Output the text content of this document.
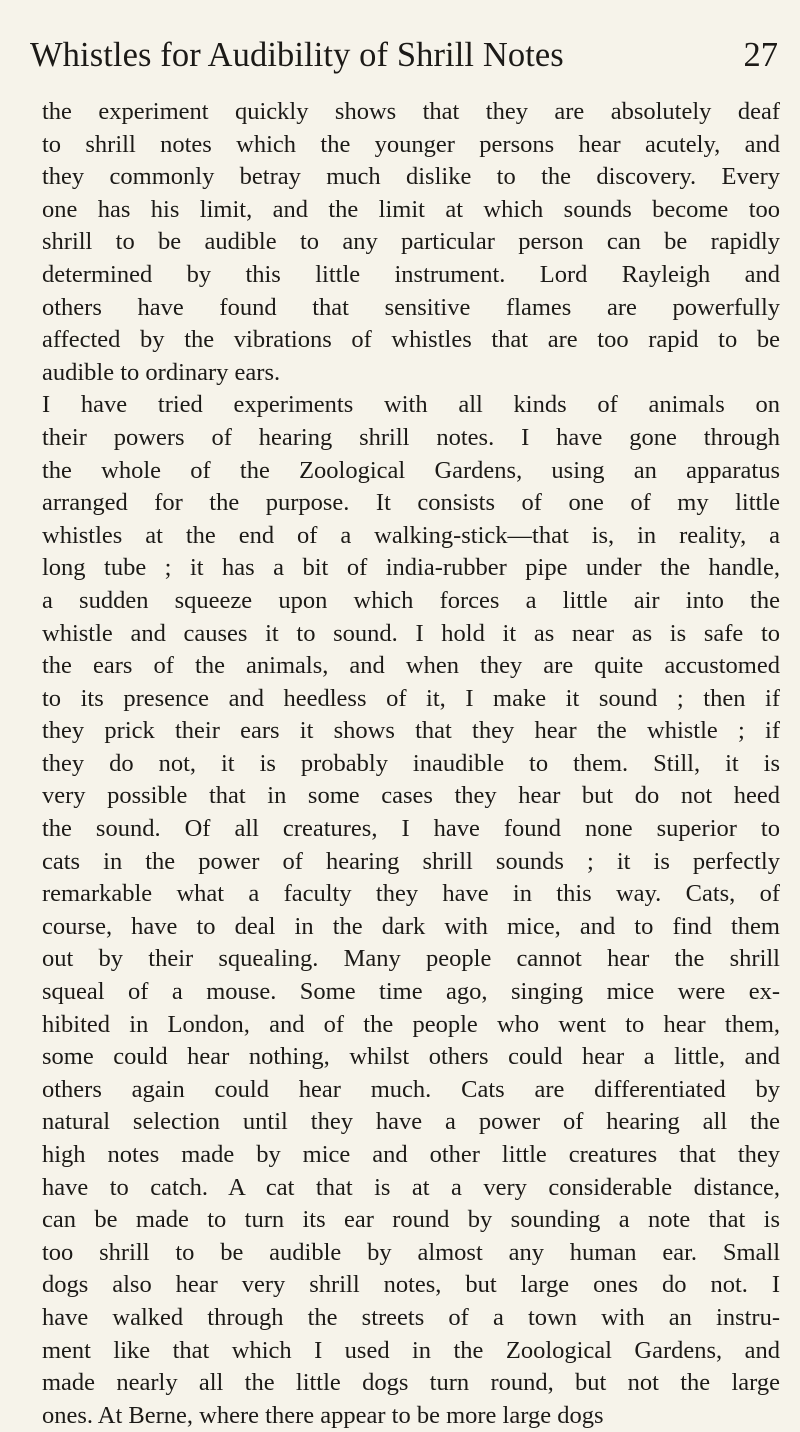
Whistles for Audibility of Shrill Notes	27
the experiment quickly shows that they are absolutely deaf
to shrill notes which the younger persons hear acutely, and
they commonly betray much dislike to the discovery. Every
one has his limit, and the limit at which sounds become too
shrill to be audible to any particular person can be rapidly
determined by this little instrument. Lord Rayleigh and
others have found that sensitive flames are powerfully
affected by the vibrations of whistles that are too rapid to be
audible to ordinary ears.
I have tried experiments with all kinds of animals on
their powers of hearing shrill notes. I have gone through
the whole of the Zoological Gardens, using an apparatus
arranged for the purpose. It consists of one of my little
whistles at the end of a walking-stick—that is, in reality, a
long tube ; it has a bit of india-rubber pipe under the handle,
a sudden squeeze upon which forces a little air into the
whistle and causes it to sound. I hold it as near as is safe to
the ears of the animals, and when they are quite accustomed
to its presence and heedless of it, I make it sound ; then if
they prick their ears it shows that they hear the whistle ; if
they do not, it is probably inaudible to them. Still, it is
very possible that in some cases they hear but do not heed
the sound. Of all creatures, I have found none superior to
cats in the power of hearing shrill sounds ; it is perfectly
remarkable what a faculty they have in this way. Cats, of
course, have to deal in the dark with mice, and to find them
out by their squealing. Many people cannot hear the shrill
squeal of a mouse. Some time ago, singing mice were ex-
hibited in London, and of the people who went to hear them,
some could hear nothing, whilst others could hear a little, and
others again could hear much. Cats are differentiated by
natural selection until they have a power of hearing all the
high notes made by mice and other little creatures that they
have to catch. A cat that is at a very considerable distance,
can be made to turn its ear round by sounding a note that is
too shrill to be audible by almost any human ear. Small
dogs also hear very shrill notes, but large ones do not. I
have walked through the streets of a town with an instru-
ment like that which I used in the Zoological Gardens, and
made nearly all the little dogs turn round, but not the large
ones. At Berne, where there appear to be more large dogs
